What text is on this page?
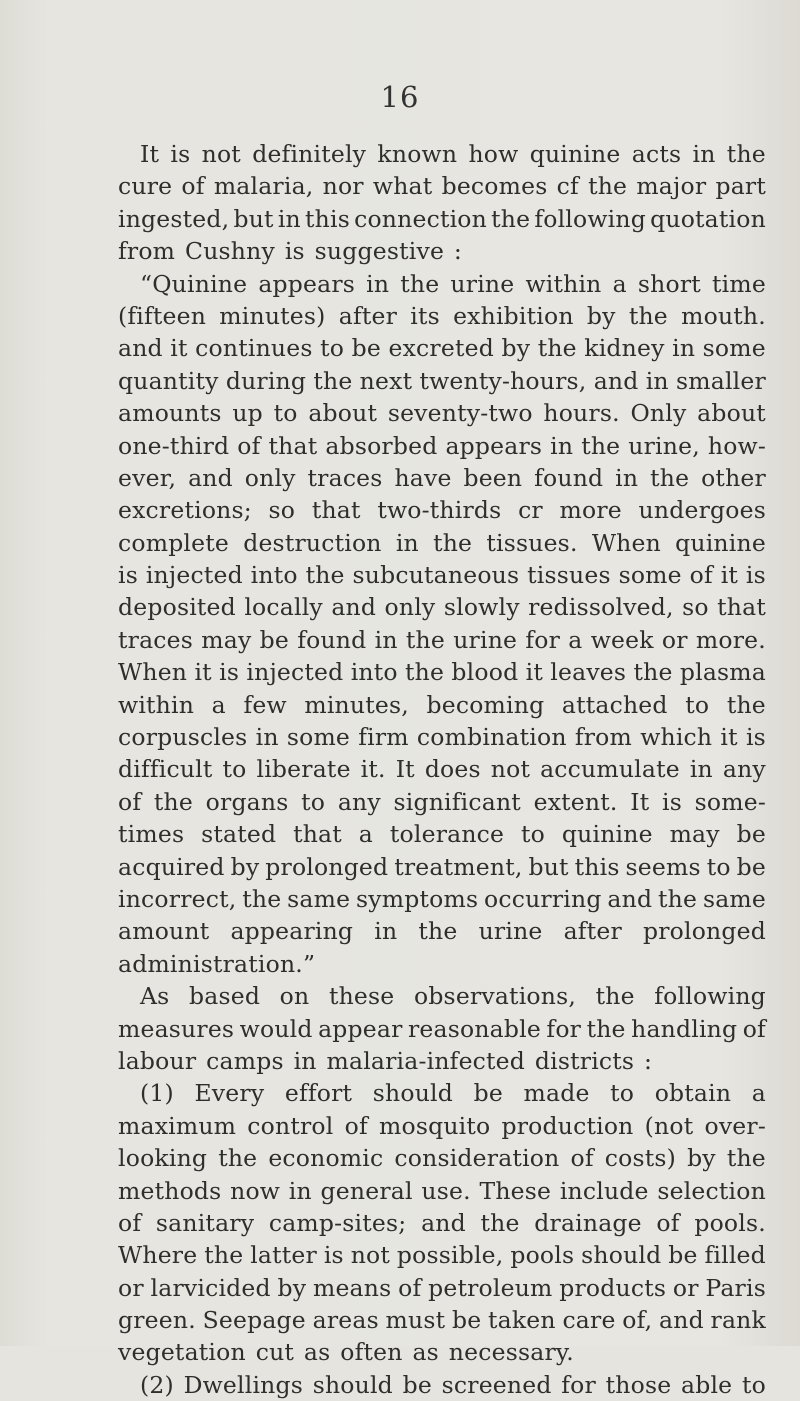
16
It is not definitely known how quinine acts in the
cure of malaria, nor what becomes cf the major part
ingested, but in this connection the following quotation
from Cushny is suggestive :
“Quinine appears in the urine within a short time
(fifteen minutes) after its exhibition by the mouth.
and it continues to be excreted by the kidney in some
quantity during the next twenty-hours, and in smaller
amounts up to about seventy-two hours. Only about
one-third of that absorbed appears in the urine, how-
ever, and only traces have been found in the other
excretions; so that two-thirds cr more undergoes
complete destruction in the tissues. When quinine
is injected into the subcutaneous tissues some of it is
deposited locally and only slowly redissolved, so that
traces may be found in the urine for a week or more.
When it is injected into the blood it leaves the plasma
within a few minutes, becoming attached to the
corpuscles in some firm combination from which it is
difficult to liberate it. It does not accumulate in any
of the organs to any significant extent. It is some-
times stated that a tolerance to quinine may be
acquired by prolonged treatment, but this seems to be
incorrect, the same symptoms occurring and the same
amount appearing in the urine after prolonged
administration.”
As based on these observations, the following
measures would appear reasonable for the handling of
labour camps in malaria-infected districts :
(1) Every effort should be made to obtain a
maximum control of mosquito production (not over-
looking the economic consideration of costs) by the
methods now in general use. These include selection
of sanitary camp-sites; and the drainage of pools.
Where the latter is not possible, pools should be filled
or larvicided by means of petroleum products or Paris
green. Seepage areas must be taken care of, and rank
vegetation cut as often as necessary.
(2) Dwellings should be screened for those able to
